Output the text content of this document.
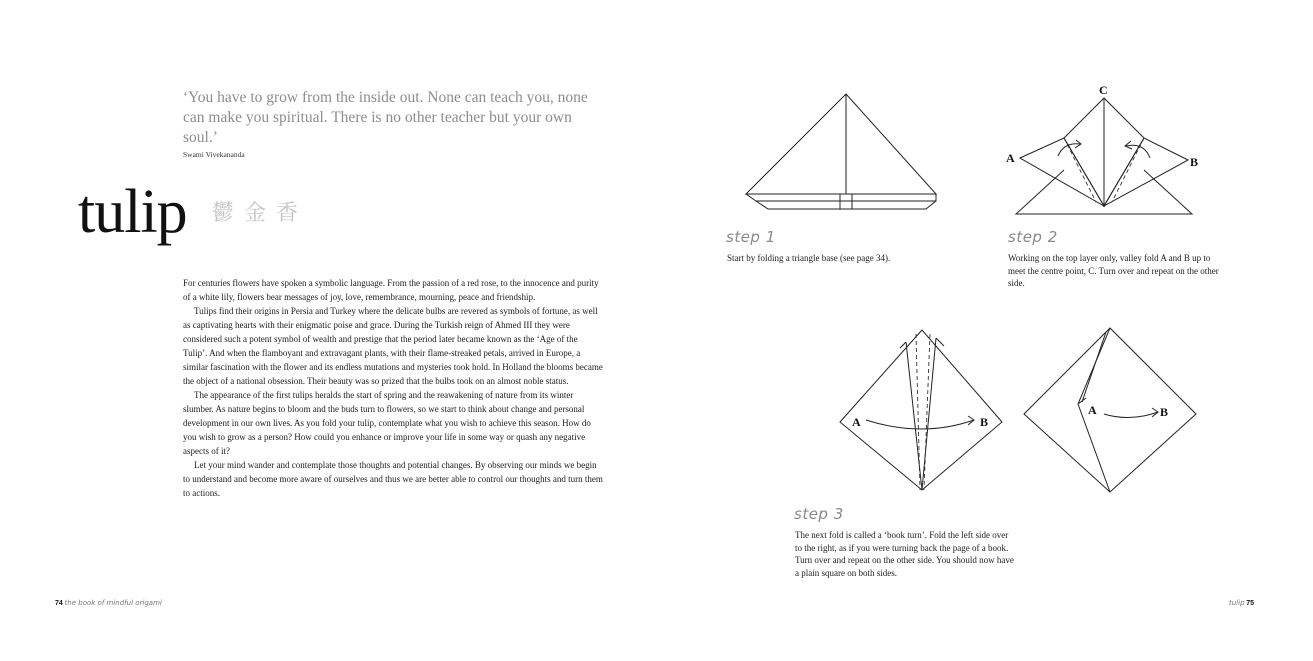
‘You have to grow from the inside out. None can teach you, none can make you spiritual. There is no other teacher but your own soul.’
Swami Vivekananda
tulip 鬱金香

For centuries flowers have spoken a symbolic language. From the passion of a red rose, to the innocence and purity of a white lily, flowers bear messages of joy, love, remembrance, mourning, peace and friendship.

Tulips find their origins in Persia and Turkey where the delicate bulbs are revered as symbols of fortune, as well as captivating hearts with their enigmatic poise and grace. During the Turkish reign of Ahmed III they were considered such a potent symbol of wealth and prestige that the period later became known as the ‘Age of the Tulip’. And when the flamboyant and extravagant plants, with their flame-streaked petals, arrived in Europe, a similar fascination with the flower and its endless mutations and mysteries took hold. In Holland the blooms became the object of a national obsession. Their beauty was so prized that the bulbs took on an almost noble status.

The appearance of the first tulips heralds the start of spring and the reawakening of nature from its winter slumber. As nature begins to bloom and the buds turn to flowers, so we start to think about change and personal development in our own lives. As you fold your tulip, contemplate what you wish to achieve this season. How do you wish to grow as a person? How could you enhance or improve your life in some way or quash any negative aspects of it?

Let your mind wander and contemplate those thoughts and potential changes. By observing our minds we begin to understand and become more aware of ourselves and thus we are better able to control our thoughts and turn them to actions.

74 the book of mindful origami
step 1
Start by folding a triangle base (see page 34).
C
A	B
step 2
Working on the top layer only, valley fold A and B up to meet the centre point, C. Turn over and repeat on the other side.
A	B
A	B
step 3
The next fold is called a ‘book turn’. Fold the left side over to the right, as if you were turning back the page of a book. Turn over and repeat on the other side. You should now have a plain square on both sides.
tulip 75
